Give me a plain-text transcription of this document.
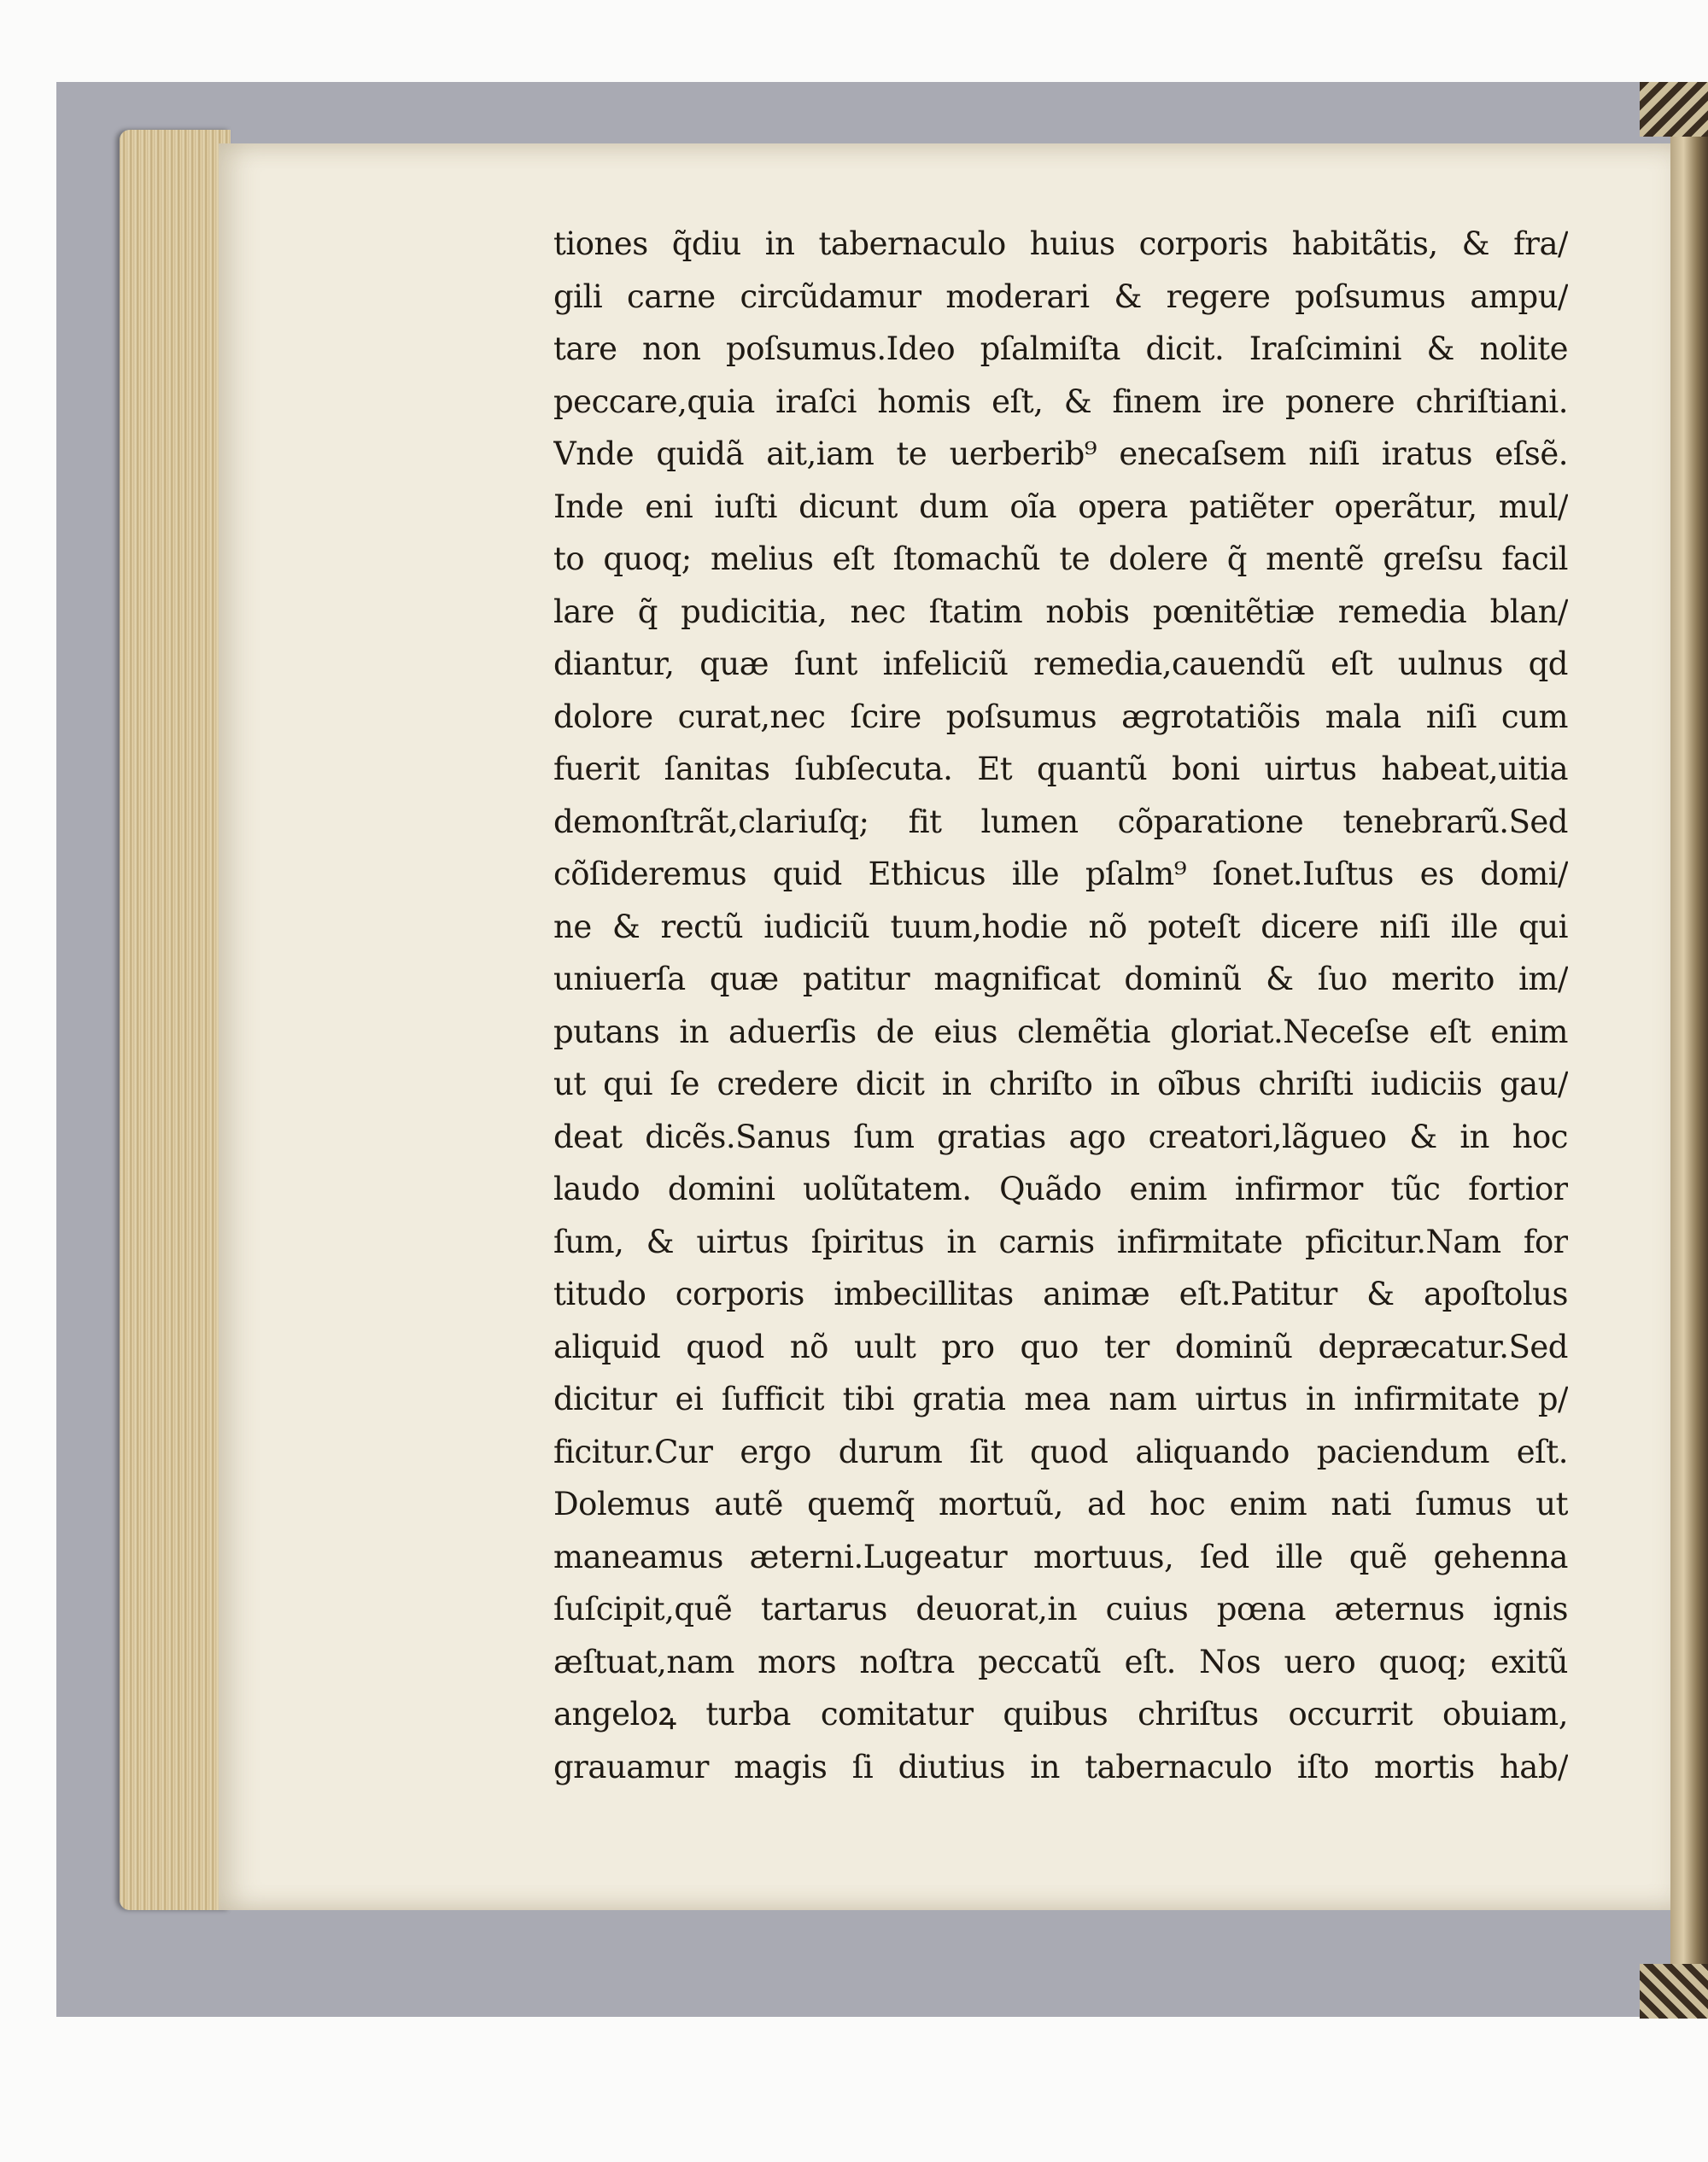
tiones q̃diu in tabernaculo huius corporis habitãtis, & fra/
gili carne circũdamur moderari & regere poſsumus ampu/
tare non poſsumus.Ideo pſalmiſta dicit. Iraſcimini & nolite
peccare,quia iraſci homis eſt, & finem ire ponere chriſtiani.
Vnde quidã ait,iam te uerberib⁹ enecaſsem niſi iratus eſsẽ.
Inde eni iuſti dicunt dum oĩa opera patiẽter operãtur, mul/
to quoq; melius eſt ſtomachũ te dolere q̃ mentẽ greſsu facil
lare q̃ pudicitia, nec ſtatim nobis pœnitẽtiæ remedia blan/
diantur, quæ ſunt infeliciũ remedia,cauendũ eſt uulnus qd
dolore curat,nec ſcire poſsumus ægrotatiõis mala niſi cum
fuerit ſanitas ſubſecuta. Et quantũ boni uirtus habeat,uitia
demonſtrãt,clariuſq; fit lumen cõparatione tenebrarũ.Sed
cõſideremus quid Ethicus ille pſalm⁹ ſonet.Iuſtus es domi/
ne & rectũ iudiciũ tuum,hodie nõ poteſt dicere niſi ille qui
uniuerſa quæ patitur magnificat dominũ & ſuo merito im/
putans in aduerſis de eius clemẽtia gloriat.Neceſse eſt enim
ut qui ſe credere dicit in chriſto in oĩbus chriſti iudiciis gau/
deat dicẽs.Sanus ſum gratias ago creatori,lãgueo & in hoc
laudo domini uolũtatem. Quãdo enim infirmor tũc fortior
ſum, & uirtus ſpiritus in carnis infirmitate pficitur.Nam for
titudo corporis imbecillitas animæ eſt.Patitur & apoſtolus
aliquid quod nõ uult pro quo ter dominũ depræcatur.Sed
dicitur ei ſufficit tibi gratia mea nam uirtus in infirmitate p/
ficitur.Cur ergo durum ſit quod aliquando paciendum eſt.
Dolemus autẽ quemq̃ mortuũ, ad hoc enim nati ſumus ut
maneamus æterni.Lugeatur mortuus, ſed ille quẽ gehenna
ſuſcipit,quẽ tartarus deuorat,in cuius pœna æternus ignis
æſtuat,nam mors noſtra peccatũ eſt. Nos uero quoq; exitũ
angeloꝝ turba comitatur quibus chriſtus occurrit obuiam,
grauamur magis ſi diutius in tabernaculo iſto mortis hab/
